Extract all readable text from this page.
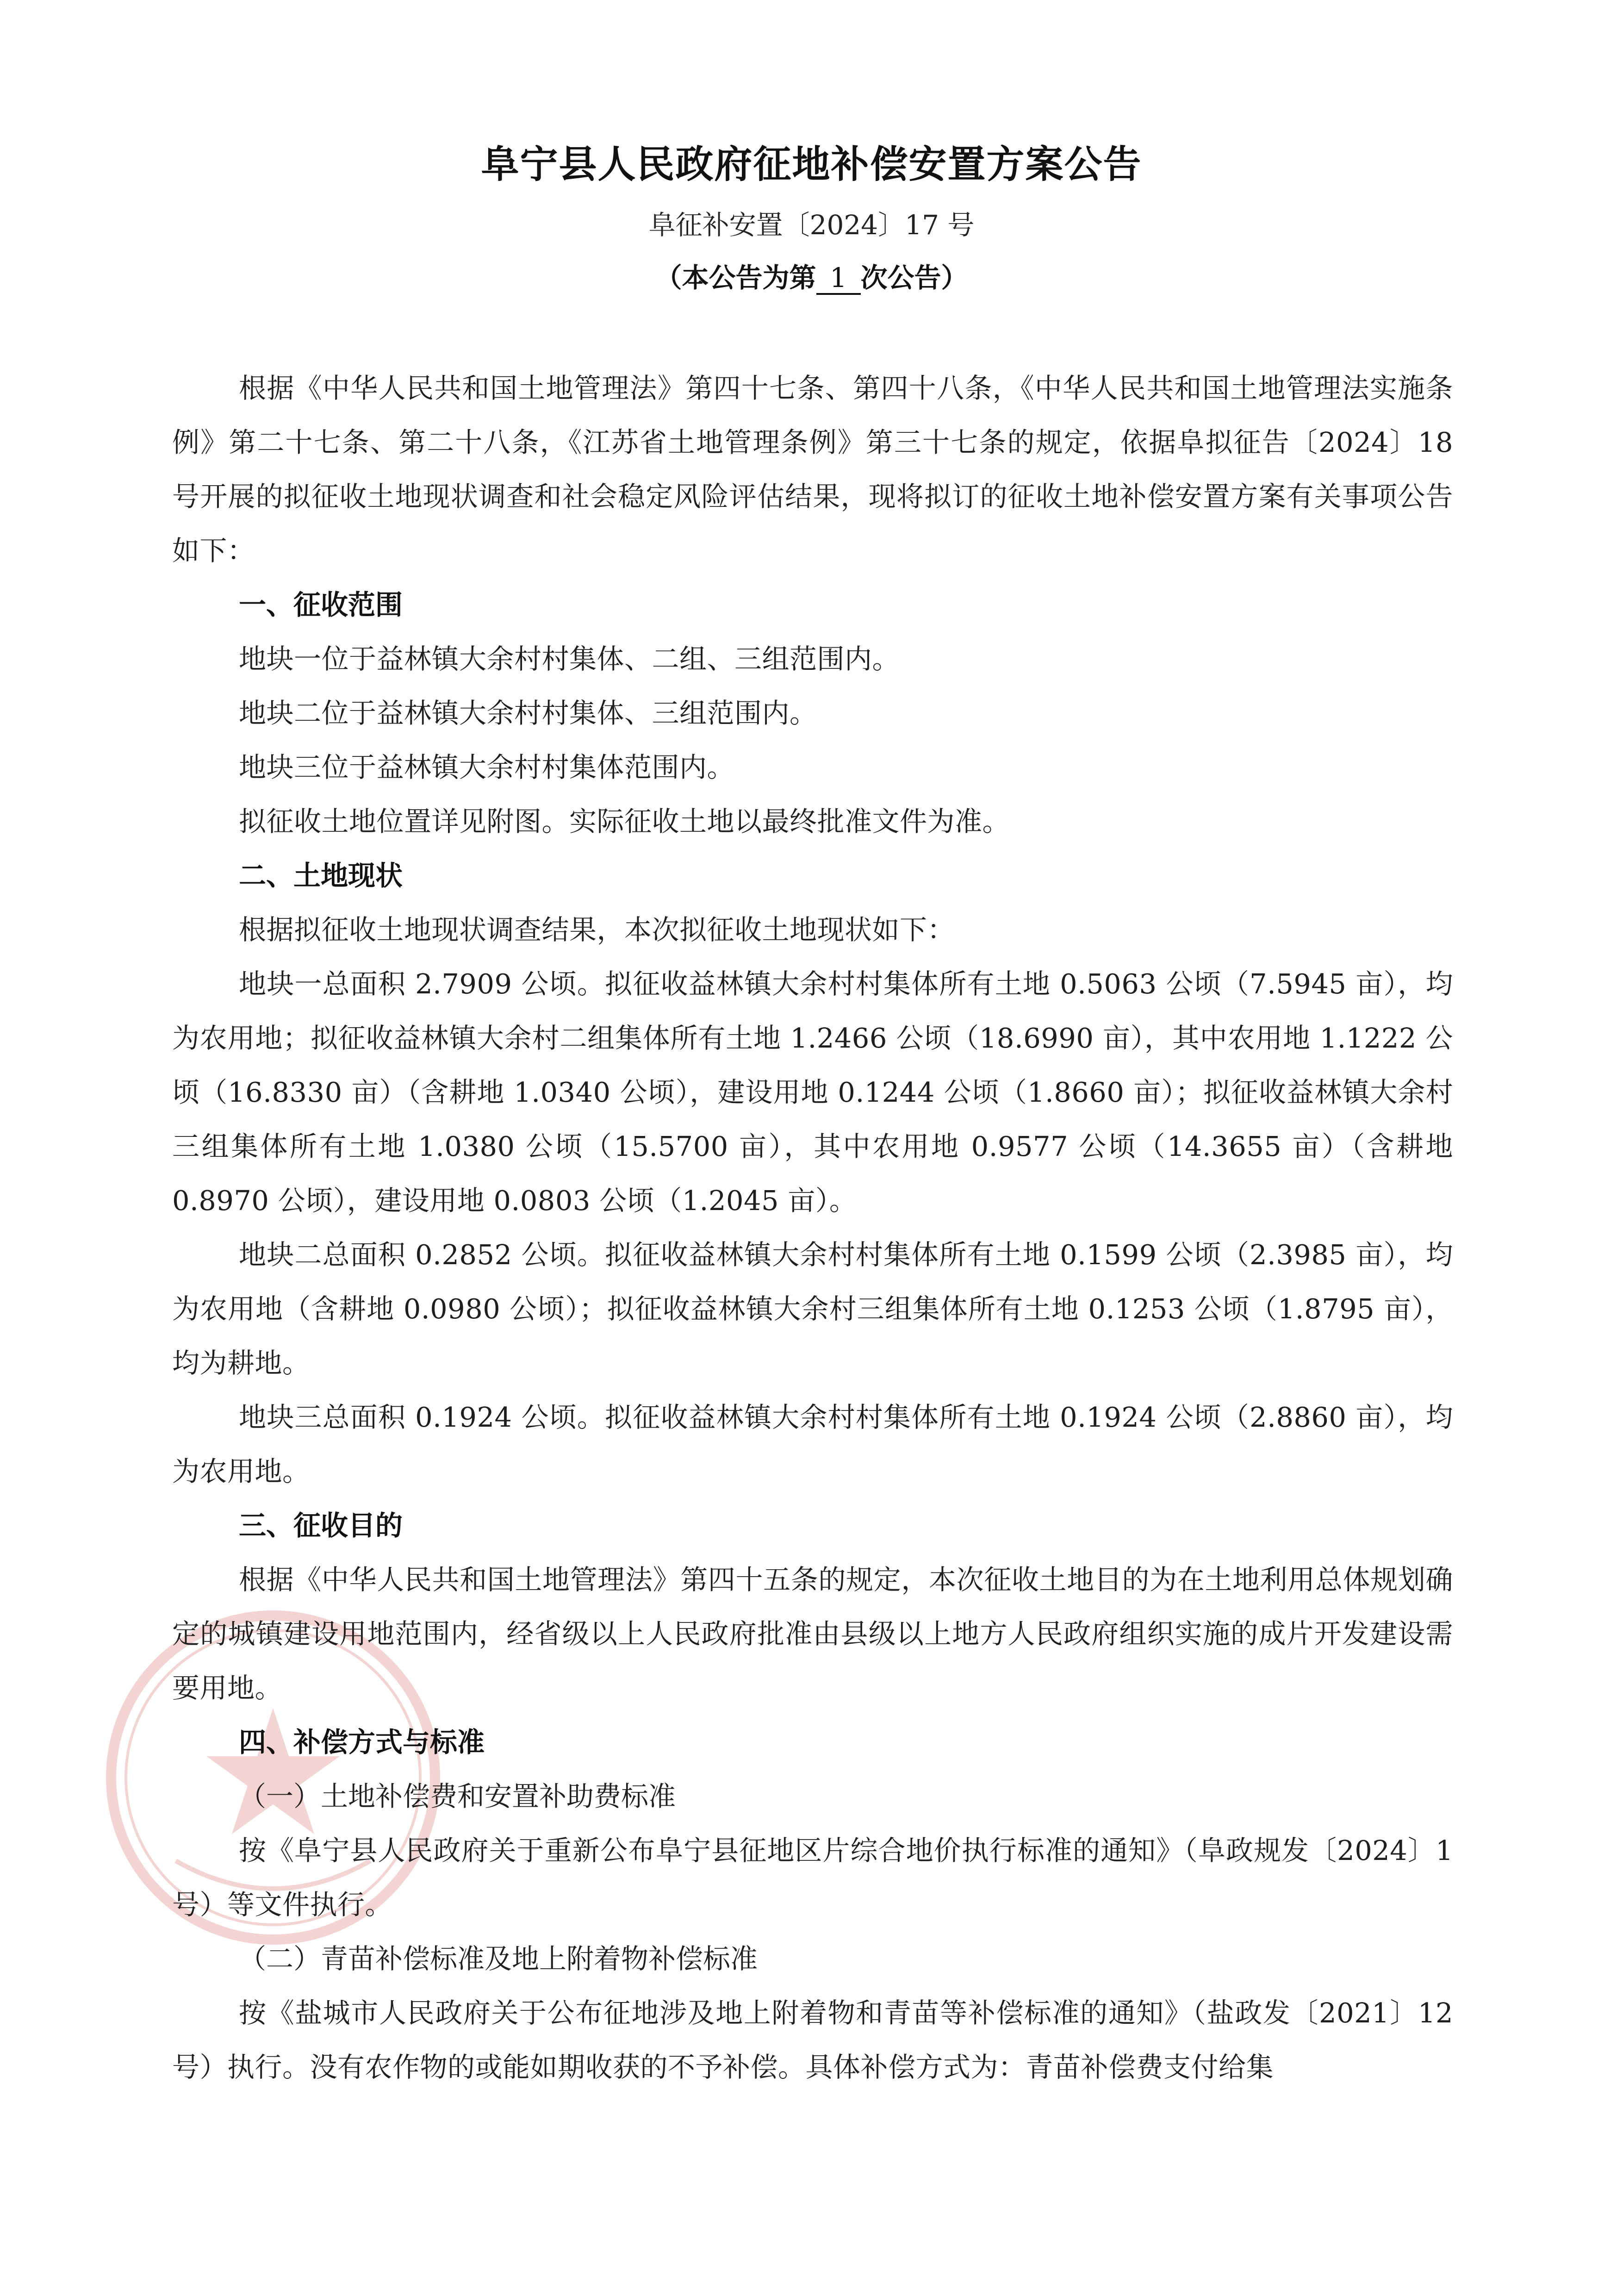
阜宁县人民政府征地补偿安置方案公告
阜征补安置〔2024〕17 号
（本公告为第 1 次公告）

根据《中华人民共和国土地管理法》第四十七条、第四十八条，《中华人民共和国土地管理法实施条例》第二十七条、第二十八条，《江苏省土地管理条例》第三十七条的规定，依据阜拟征告〔2024〕18 号开展的拟征收土地现状调查和社会稳定风险评估结果，现将拟订的征收土地补偿安置方案有关事项公告如下：

一、征收范围

地块一位于益林镇大余村村集体、二组、三组范围内。

地块二位于益林镇大余村村集体、三组范围内。

地块三位于益林镇大余村村集体范围内。

拟征收土地位置详见附图。实际征收土地以最终批准文件为准。

二、土地现状

根据拟征收土地现状调查结果，本次拟征收土地现状如下：

地块一总面积 2.7909 公顷。拟征收益林镇大余村村集体所有土地 0.5063 公顷（7.5945 亩），均为农用地；拟征收益林镇大余村二组集体所有土地 1.2466 公顷（18.6990 亩），其中农用地 1.1222 公顷（16.8330 亩）（含耕地 1.0340 公顷），建设用地 0.1244 公顷（1.8660 亩）；拟征收益林镇大余村三组集体所有土地 1.0380 公顷（15.5700 亩），其中农用地 0.9577 公顷（14.3655 亩）（含耕地 0.8970 公顷），建设用地 0.0803 公顷（1.2045 亩）。

地块二总面积 0.2852 公顷。拟征收益林镇大余村村集体所有土地 0.1599 公顷（2.3985 亩），均为农用地（含耕地 0.0980 公顷）；拟征收益林镇大余村三组集体所有土地 0.1253 公顷（1.8795 亩），均为耕地。

地块三总面积 0.1924 公顷。拟征收益林镇大余村村集体所有土地 0.1924 公顷（2.8860 亩），均为农用地。

三、征收目的

根据《中华人民共和国土地管理法》第四十五条的规定，本次征收土地目的为在土地利用总体规划确定的城镇建设用地范围内，经省级以上人民政府批准由县级以上地方人民政府组织实施的成片开发建设需要用地。

四、补偿方式与标准

（一）土地补偿费和安置补助费标准

按《阜宁县人民政府关于重新公布阜宁县征地区片综合地价执行标准的通知》（阜政规发〔2024〕1 号）等文件执行。

（二）青苗补偿标准及地上附着物补偿标准

按《盐城市人民政府关于公布征地涉及地上附着物和青苗等补偿标准的通知》（盐政发〔2021〕12 号）执行。没有农作物的或能如期收获的不予补偿。具体补偿方式为：青苗补偿费支付给集
